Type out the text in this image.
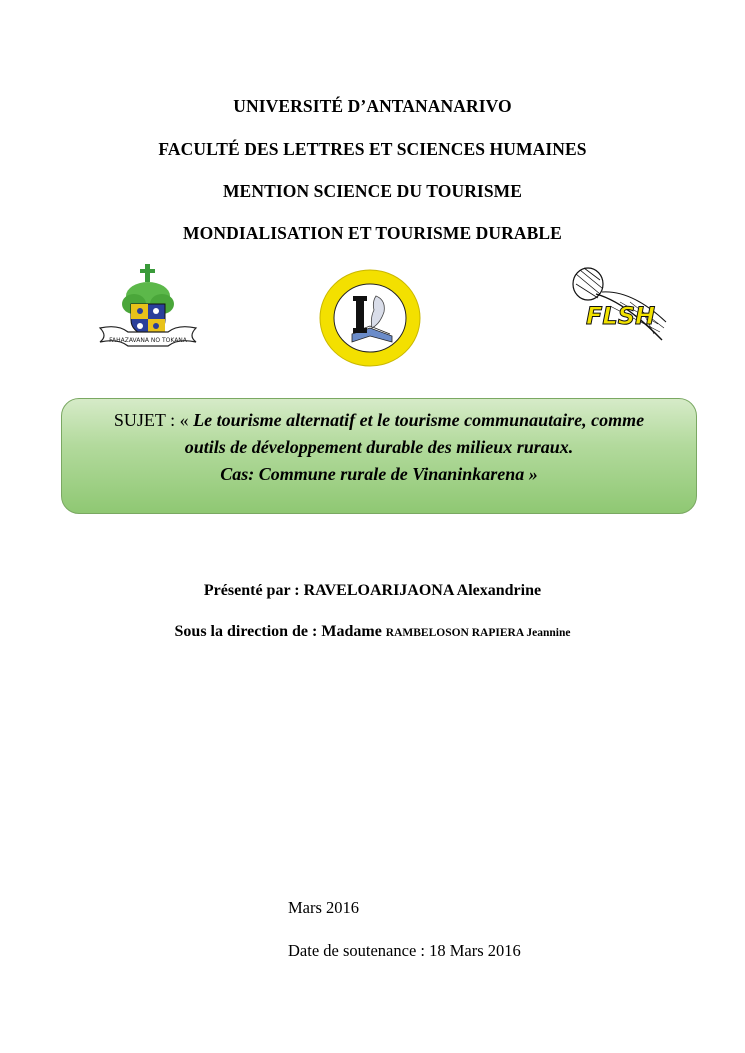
UNIVERSITÉ D’ANTANANARIVO
FACULTÉ DES LETTRES ET SCIENCES HUMAINES
MENTION SCIENCE DU TOURISME
MONDIALISATION ET TOURISME DURABLE
FAHAZAVANA NO TOKANA
FLSH
SUJET : « Le tourisme alternatif et le tourisme communautaire, comme
outils de développement durable des milieux ruraux.
Cas: Commune rurale de Vinaninkarena »
Présenté par : RAVELOARIJAONA Alexandrine
Sous la direction de : Madame RAMBELOSON RAPIERA Jeannine
Mars 2016
Date de soutenance : 18 Mars 2016
